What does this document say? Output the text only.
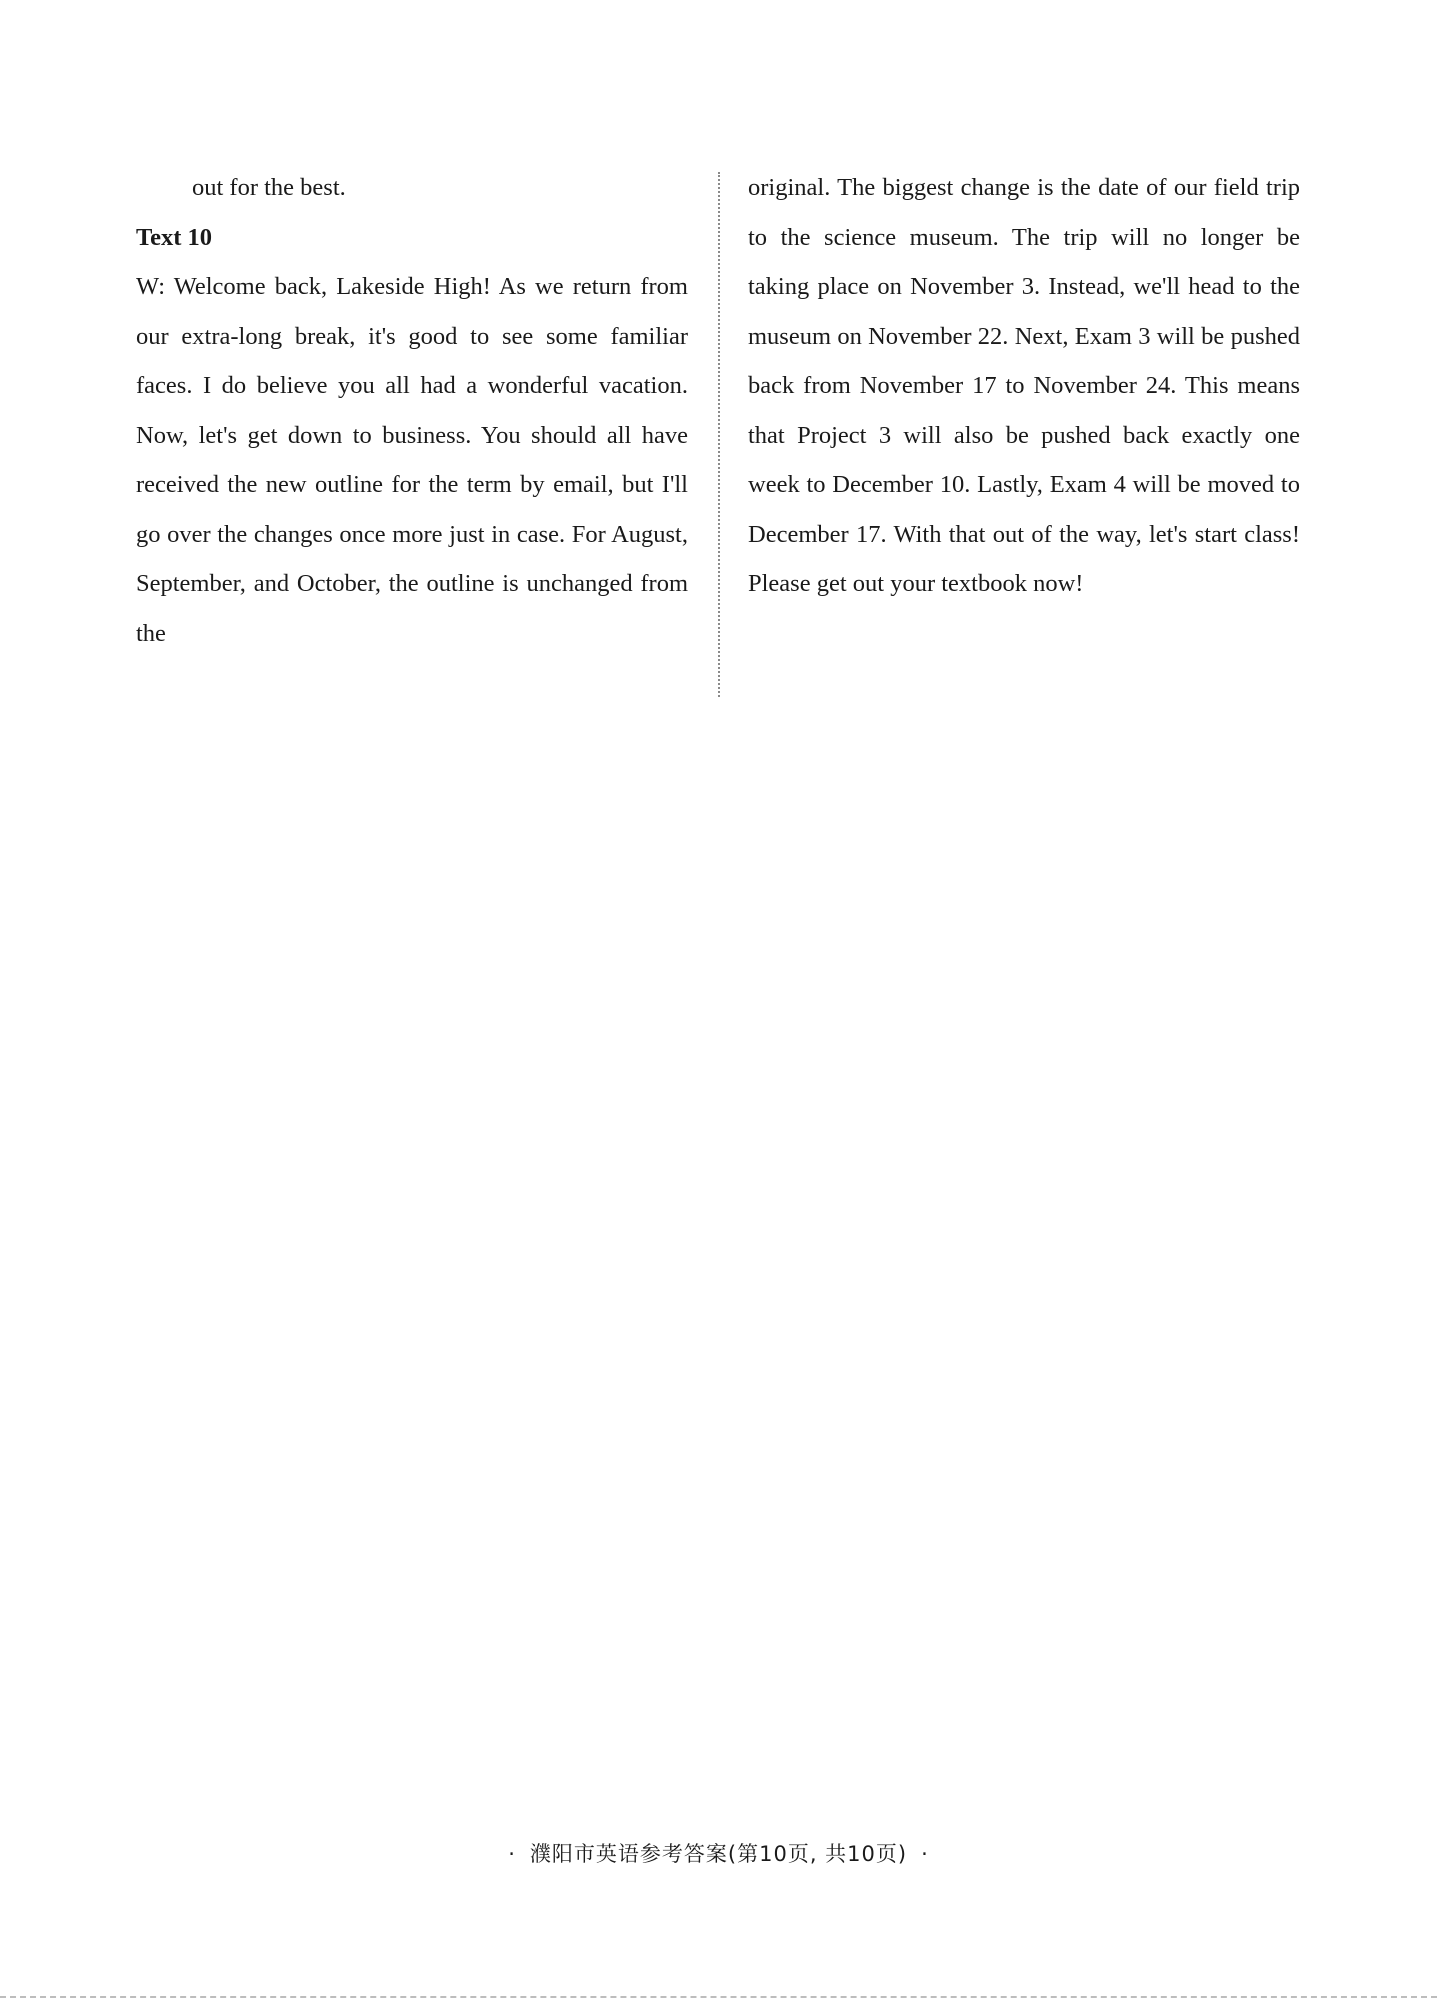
out for the best.

Text 10

W: Welcome back, Lakeside High! As we return from our extra-long break, it's good to see some familiar faces. I do believe you all had a wonderful vacation. Now, let's get down to business. You should all have received the new outline for the term by email, but I'll go over the changes once more just in case. For August, September, and October, the outline is unchanged from the

original. The biggest change is the date of our field trip to the science museum. The trip will no longer be taking place on November 3. Instead, we'll head to the museum on November 22. Next, Exam 3 will be pushed back from November 17 to November 24. This means that Project 3 will also be pushed back exactly one week to December 10. Lastly, Exam 4 will be moved to December 17. With that out of the way, let's start class! Please get out your textbook now!

· 濮阳市英语参考答案(第10页, 共10页) ·
